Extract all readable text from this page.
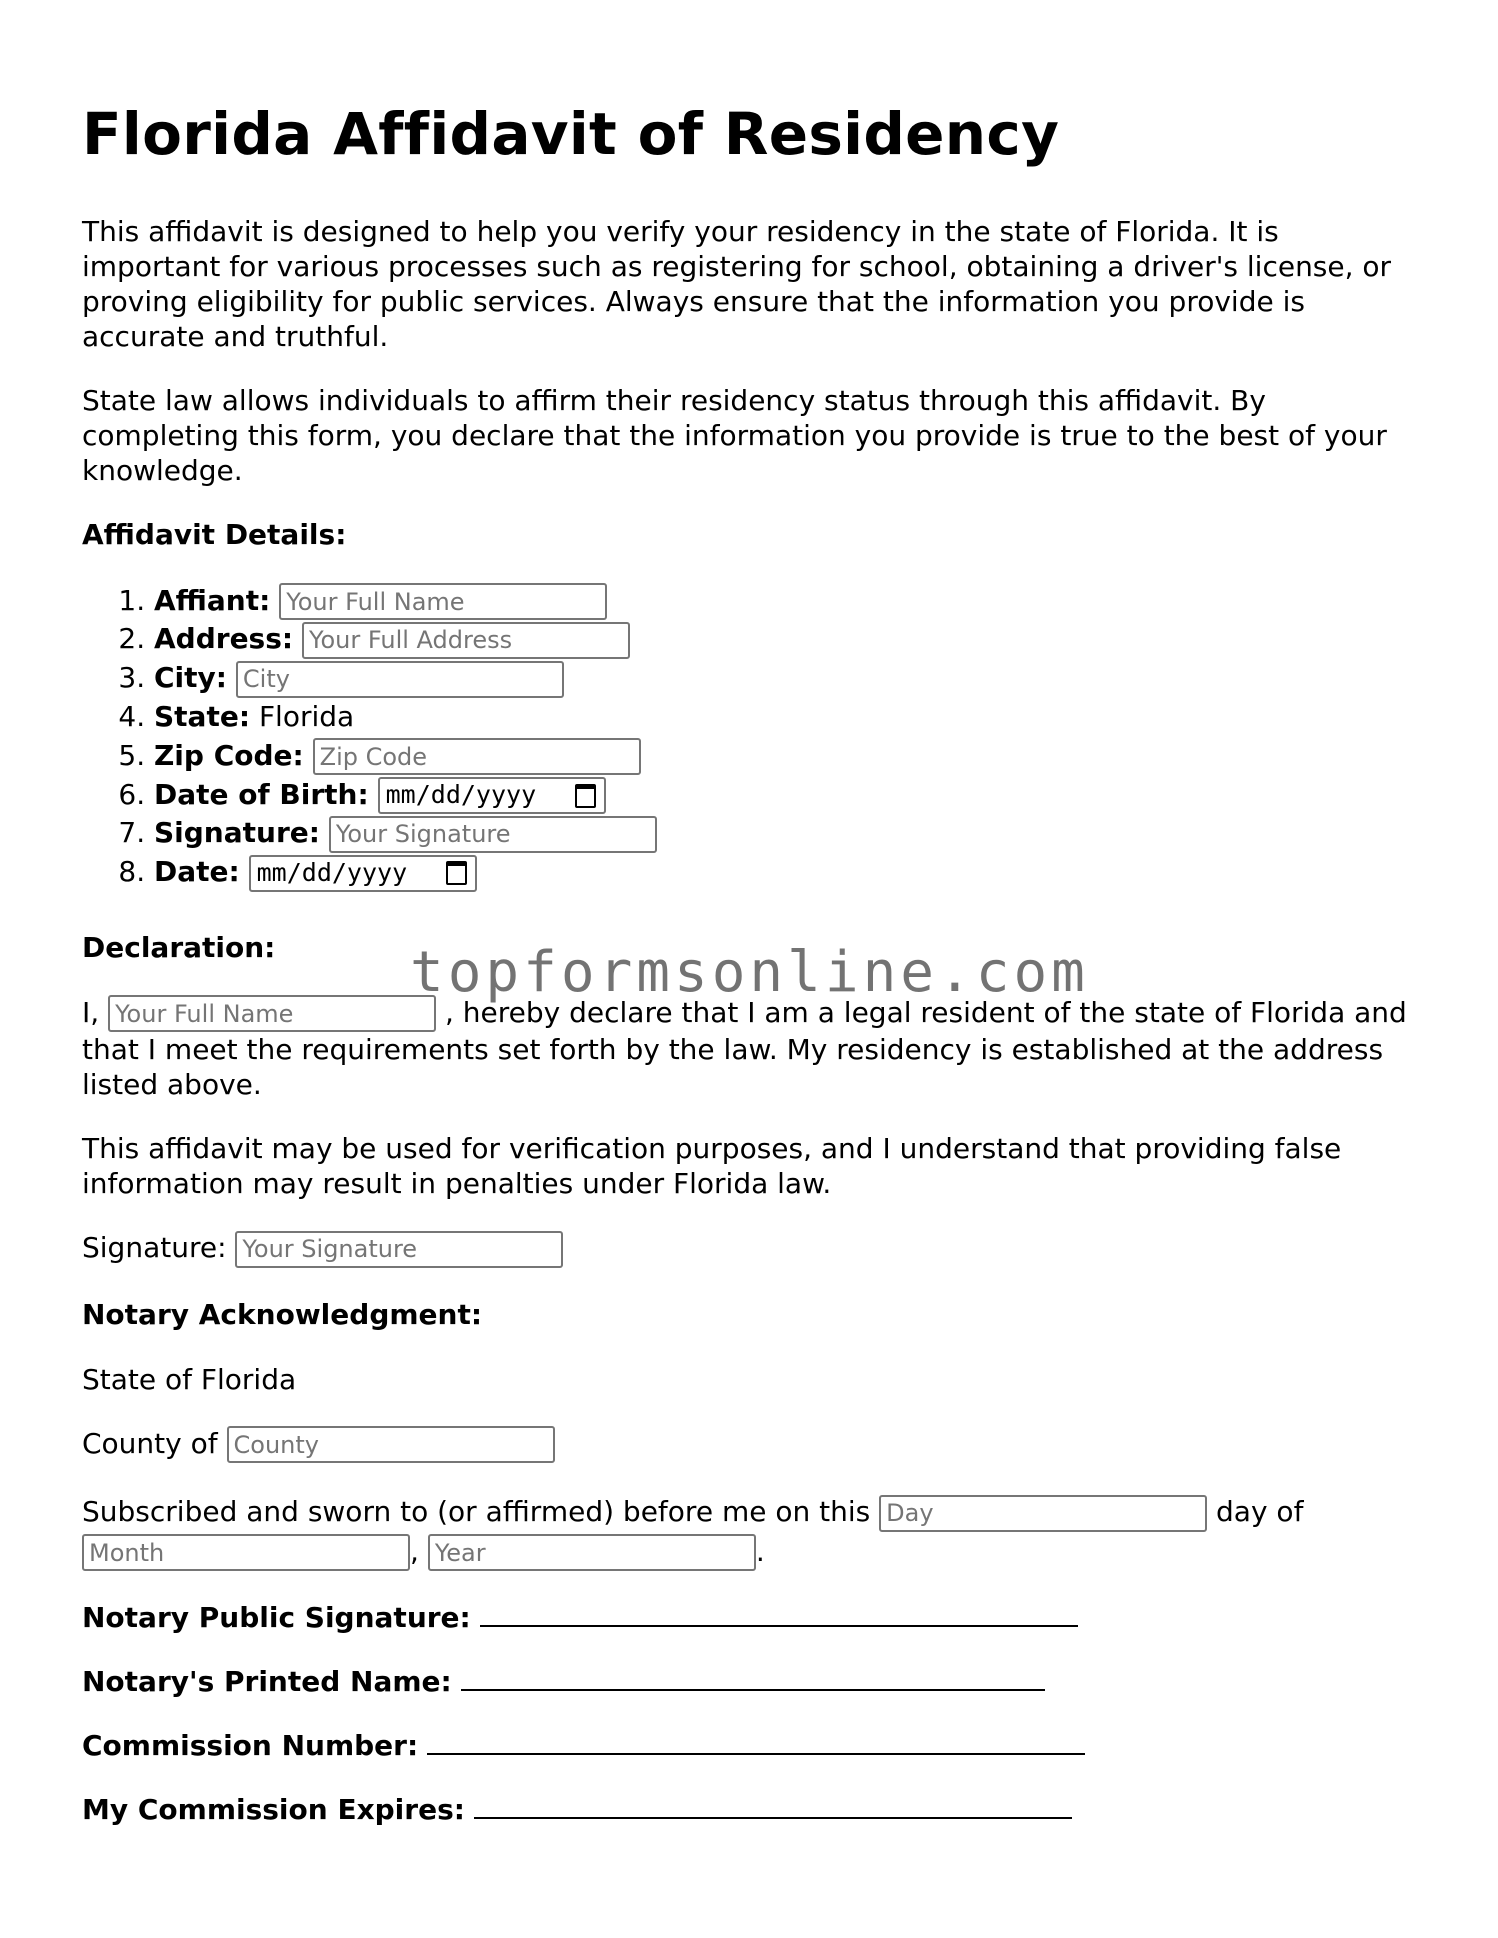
Florida Affidavit of Residency

This affidavit is designed to help you verify your residency in the state of Florida. It is important for various processes such as registering for school, obtaining a driver's license, or proving eligibility for public services. Always ensure that the information you provide is accurate and truthful.

State law allows individuals to affirm their residency status through this affidavit. By completing this form, you declare that the information you provide is true to the best of your knowledge.

Affidavit Details:
1. Affiant: Your Full Name
2. Address: Your Full Address
3. City: City
4. State: Florida
5. Zip Code: Zip Code
6. Date of Birth: mm/dd/yyyy
7. Signature: Your Signature
8. Date: mm/dd/yyyy
Declaration:

I, Your Full Name	, hereby declare that I am a legal resident of the state of Florida and that I meet the requirements set forth by the law. My residency is established at the address listed above.

This affidavit may be used for verification purposes, and I understand that providing false information may result in penalties under Florida law.

Signature: Your Signature

Notary Acknowledgment:

State of Florida

County of County

Subscribed and sworn to (or affirmed) before me on this Day	day of Month, Year	.

Notary Public Signature:

Notary's Printed Name:

Commission Number:

My Commission Expires:

topformsonline.com
